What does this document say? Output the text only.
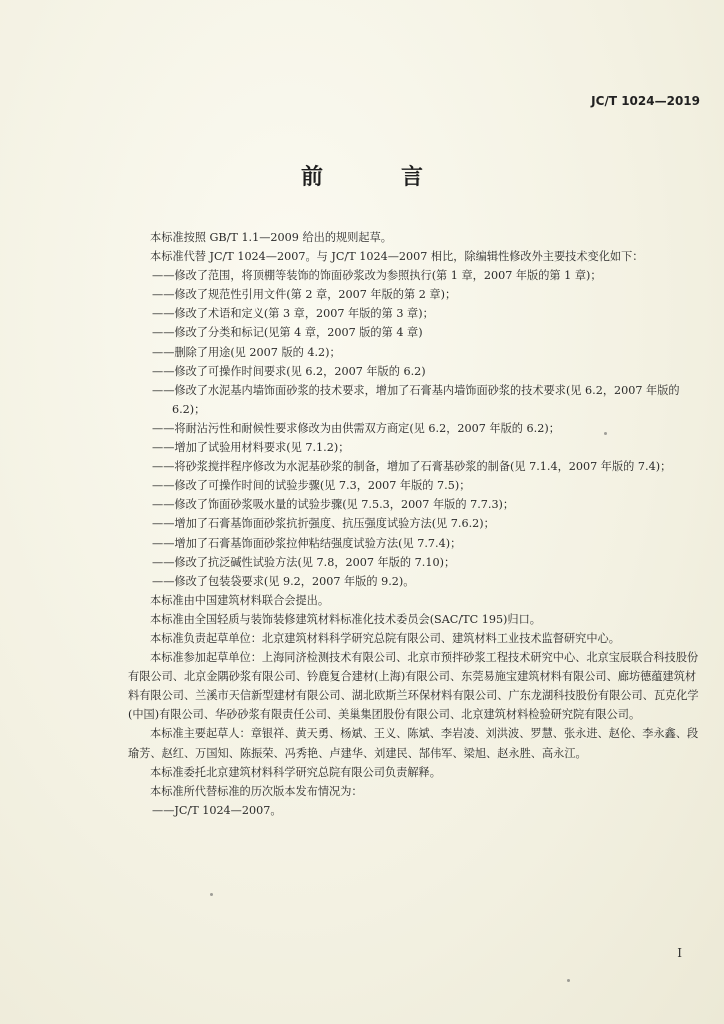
JC/T 1024—2019
前　言

本标准按照 GB/T 1.1—2009 给出的规则起草。

本标准代替 JC/T 1024—2007。与 JC/T 1024—2007 相比，除编辑性修改外主要技术变化如下：

——修改了范围，将顶棚等装饰的饰面砂浆改为参照执行(第 1 章，2007 年版的第 1 章)；

——修改了规范性引用文件(第 2 章，2007 年版的第 2 章)；

——修改了术语和定义(第 3 章，2007 年版的第 3 章)；

——修改了分类和标记(见第 4 章，2007 版的第 4 章)

——删除了用途(见 2007 版的 4.2)；

——修改了可操作时间要求(见 6.2，2007 年版的 6.2)

——修改了水泥基内墙饰面砂浆的技术要求，增加了石膏基内墙饰面砂浆的技术要求(见 6.2，2007 年版的 6.2)；

——将耐沾污性和耐候性要求修改为由供需双方商定(见 6.2，2007 年版的 6.2)；

——增加了试验用材料要求(见 7.1.2)；

——将砂浆搅拌程序修改为水泥基砂浆的制备，增加了石膏基砂浆的制备(见 7.1.4，2007 年版的 7.4)；

——修改了可操作时间的试验步骤(见 7.3，2007 年版的 7.5)；

——修改了饰面砂浆吸水量的试验步骤(见 7.5.3，2007 年版的 7.7.3)；

——增加了石膏基饰面砂浆抗折强度、抗压强度试验方法(见 7.6.2)；

——增加了石膏基饰面砂浆拉伸粘结强度试验方法(见 7.7.4)；

——修改了抗泛碱性试验方法(见 7.8，2007 年版的 7.10)；

——修改了包装袋要求(见 9.2，2007 年版的 9.2)。

本标准由中国建筑材料联合会提出。

本标准由全国轻质与装饰装修建筑材料标准化技术委员会(SAC/TC 195)归口。

本标准负责起草单位：北京建筑材料科学研究总院有限公司、建筑材料工业技术监督研究中心。

本标准参加起草单位：上海同济检测技术有限公司、北京市预拌砂浆工程技术研究中心、北京宝辰联合科技股份有限公司、北京金隅砂浆有限公司、钤鹿复合建材(上海)有限公司、东莞易施宝建筑材料有限公司、廊坊德蕴建筑材料有限公司、兰溪市天信新型建材有限公司、湖北欧斯兰环保材料有限公司、广东龙湖科技股份有限公司、瓦克化学(中国)有限公司、华砂砂浆有限责任公司、美巢集团股份有限公司、北京建筑材料检验研究院有限公司。

本标准主要起草人：章银祥、黄天勇、杨斌、王义、陈斌、李岩凌、刘洪波、罗慧、张永进、赵伦、李永鑫、段瑜芳、赵红、万国知、陈振荣、冯秀艳、卢建华、刘建民、郜伟军、梁旭、赵永胜、高永江。

本标准委托北京建筑材料科学研究总院有限公司负责解释。

本标准所代替标准的历次版本发布情况为：

——JC/T 1024—2007。

I
